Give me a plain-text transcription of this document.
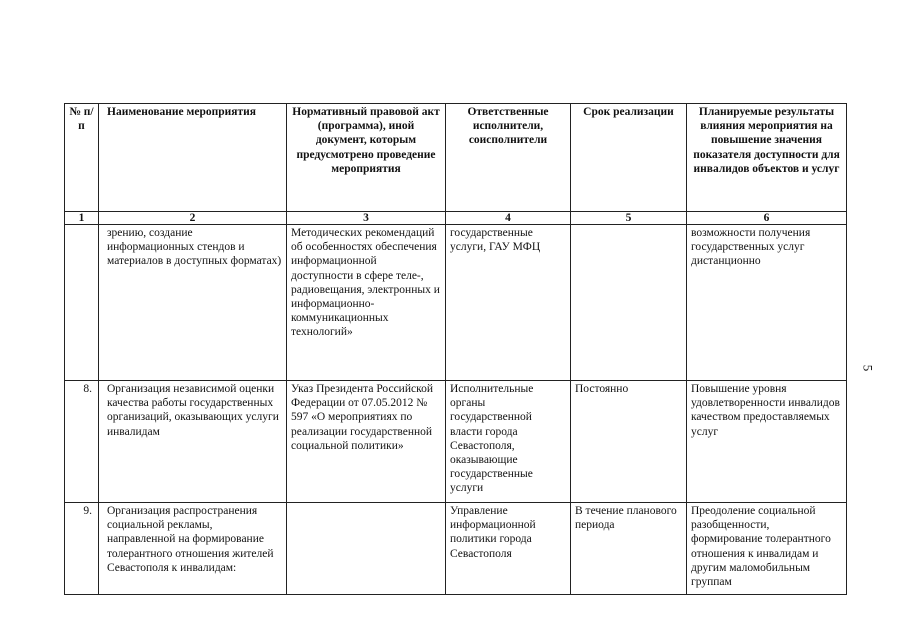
№ п/п	Наименование мероприятия	Нормативный правовой акт (программа), иной документ, которым предусмотрено проведение мероприятия	Ответственные исполнители, соисполнители	Срок реализации	Планируемые результаты влияния мероприятия на повышение значения показателя доступности для инвалидов объектов и услуг
1	2	3	4	5	6
	зрению, создание информационных стендов и материалов в доступных форматах)	Методических рекомендаций об особенностях обеспечения информационной доступности в сфере теле-, радиовещания, электронных и информационно-коммуникационных технологий»	государственные услуги, ГАУ МФЦ		возможности получения государственных услуг дистанционно
8.	Организация независимой оценки качества работы государственных организаций, оказывающих услуги инвалидам	Указ Президента Российской Федерации от 07.05.2012 № 597 «О мероприятиях по реализации государственной социальной политики»	Исполнительные органы государственной власти города Севастополя, оказывающие государственные услуги	Постоянно	Повышение уровня удовлетворенности инвалидов качеством предоставляемых услуг
9.	Организация распространения социальной рекламы, направленной на формирование толерантного отношения жителей Севастополя к инвалидам:		Управление информационной политики города Севастополя	В течение планового периода	Преодоление социальной разобщенности, формирование толерантного отношения к инвалидам и другим маломобильным группам
5
